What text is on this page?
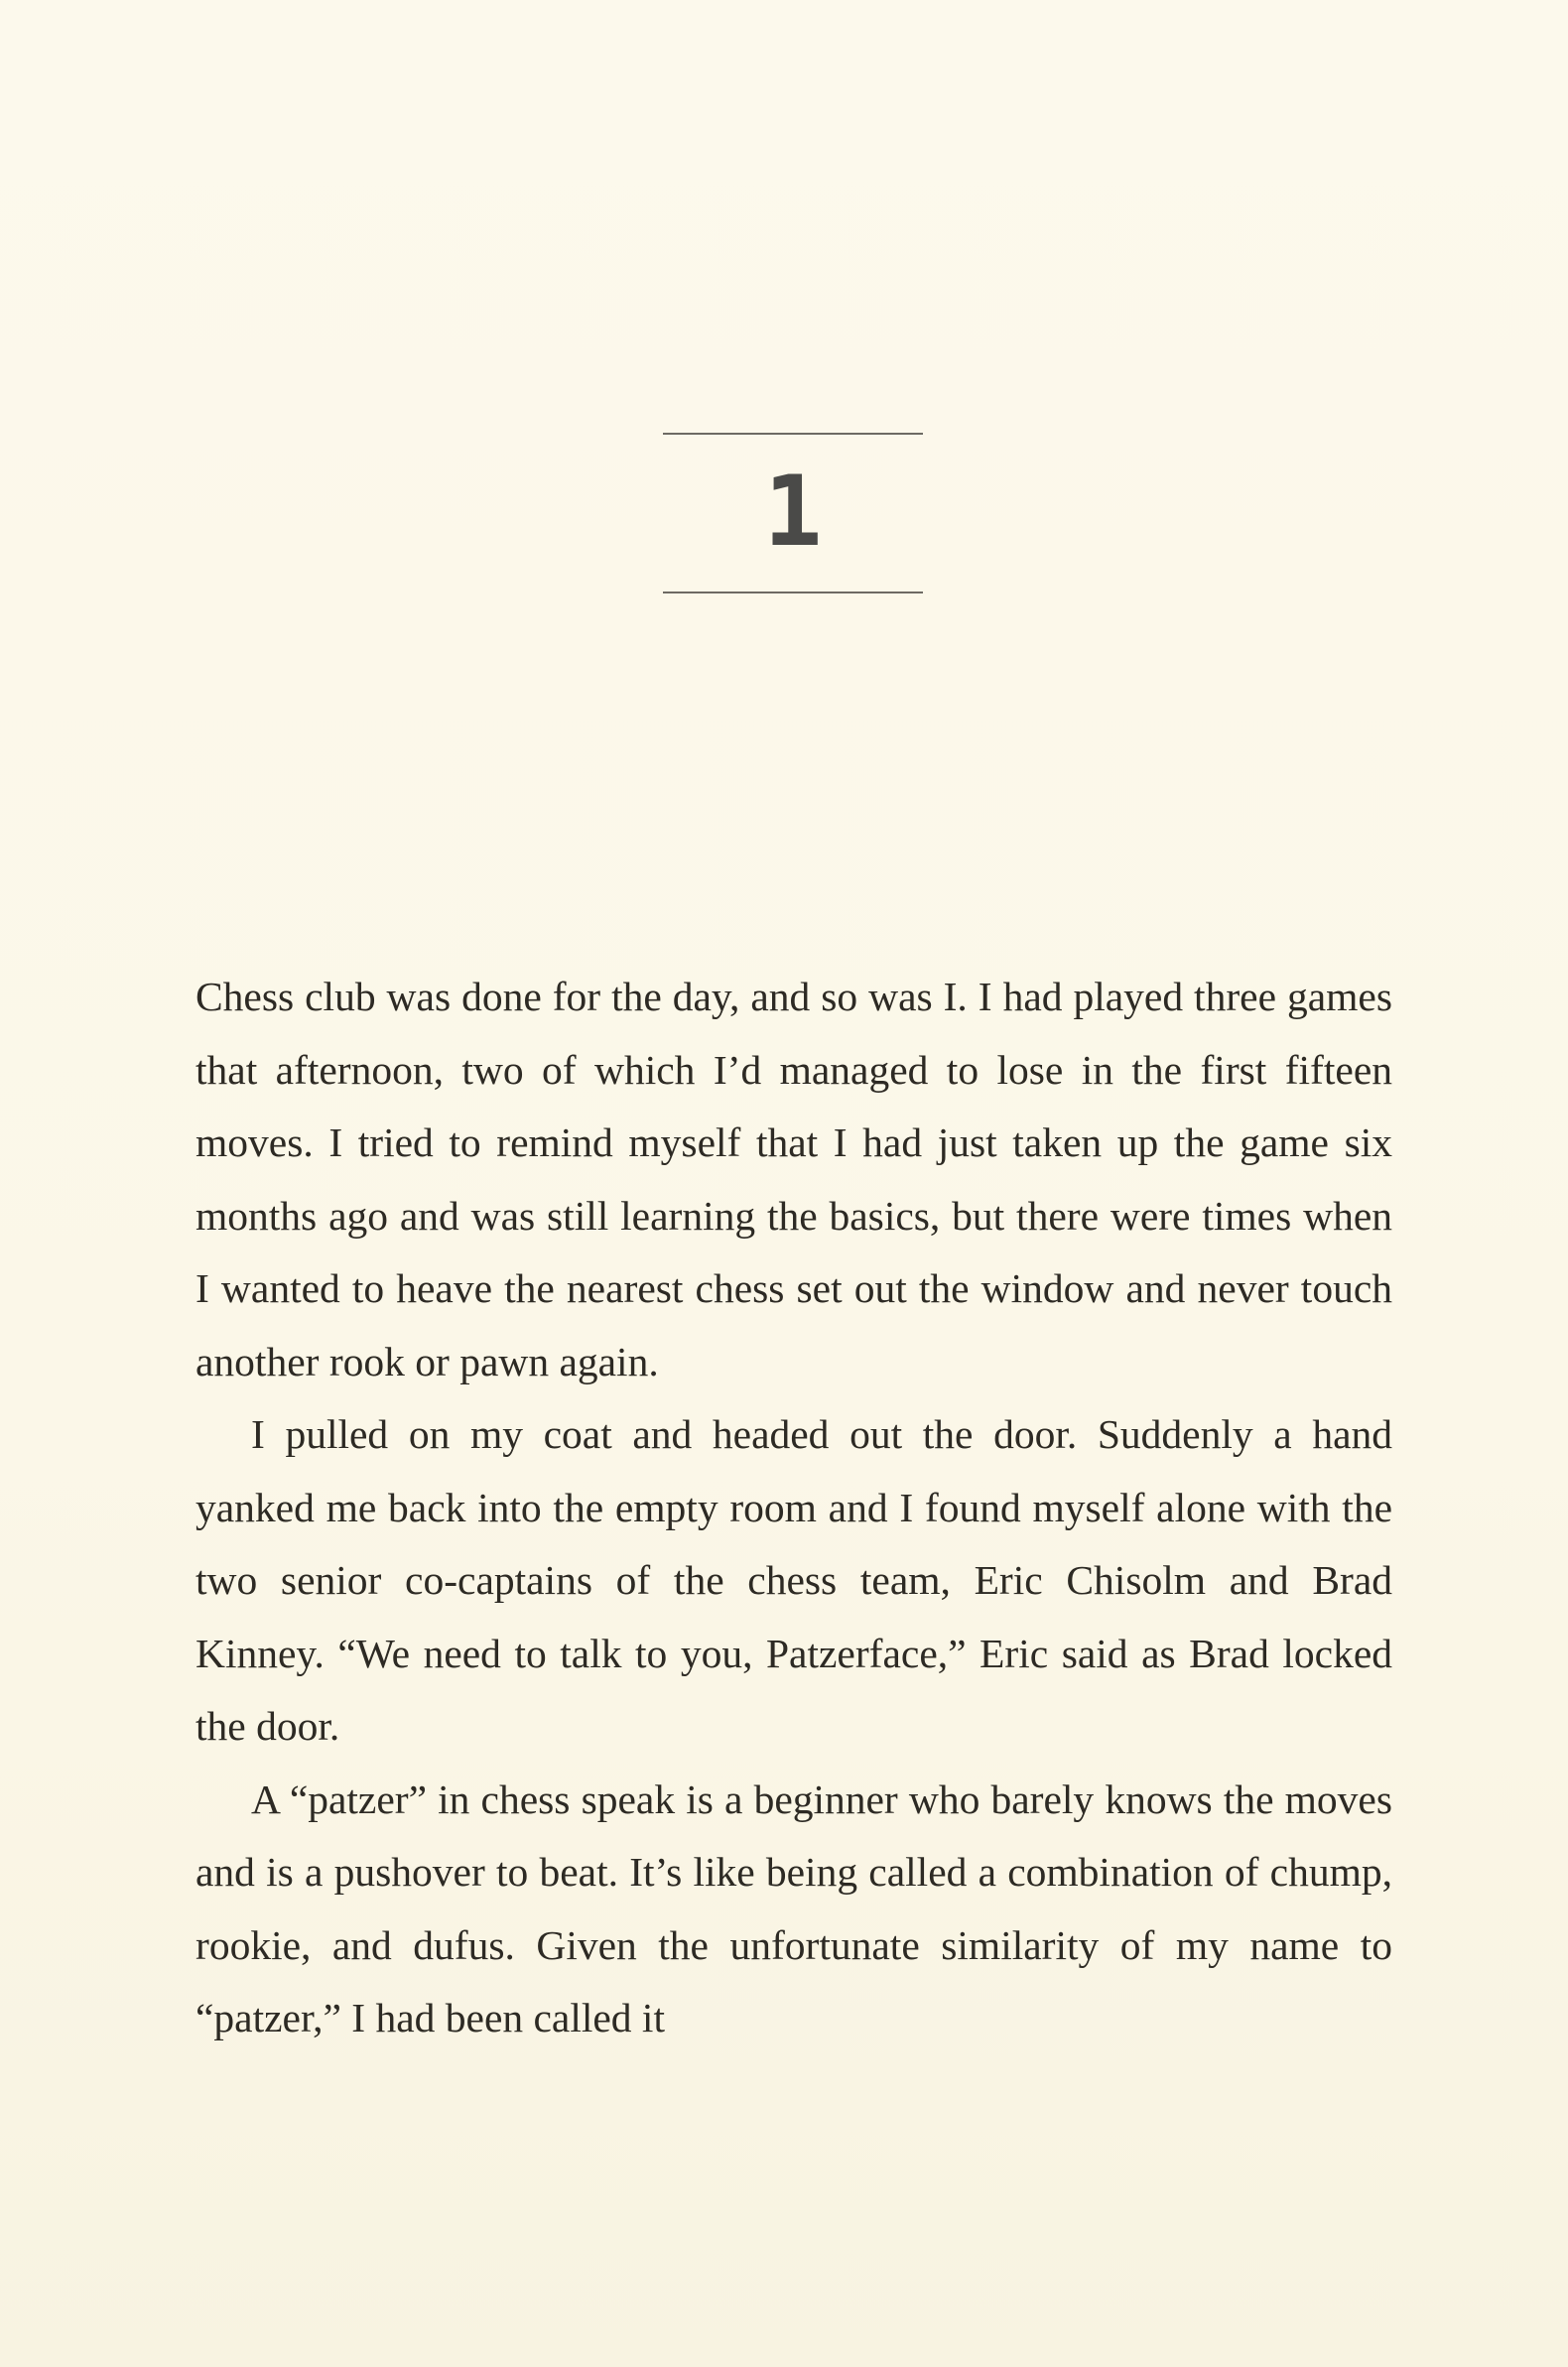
1

Chess club was done for the day, and so was I. I had played three games that afternoon, two of which I’d managed to lose in the first fifteen moves. I tried to remind myself that I had just taken up the game six months ago and was still learning the basics, but there were times when I wanted to heave the nearest chess set out the window and never touch another rook or pawn again.

I pulled on my coat and headed out the door. Suddenly a hand yanked me back into the empty room and I found myself alone with the two senior co-captains of the chess team, Eric Chisolm and Brad Kinney. “We need to talk to you, Patzerface,” Eric said as Brad locked the door.

A “patzer” in chess speak is a beginner who barely knows the moves and is a pushover to beat. It’s like being called a combination of chump, rookie, and dufus. Given the unfortunate similarity of my name to “patzer,” I had been called it
